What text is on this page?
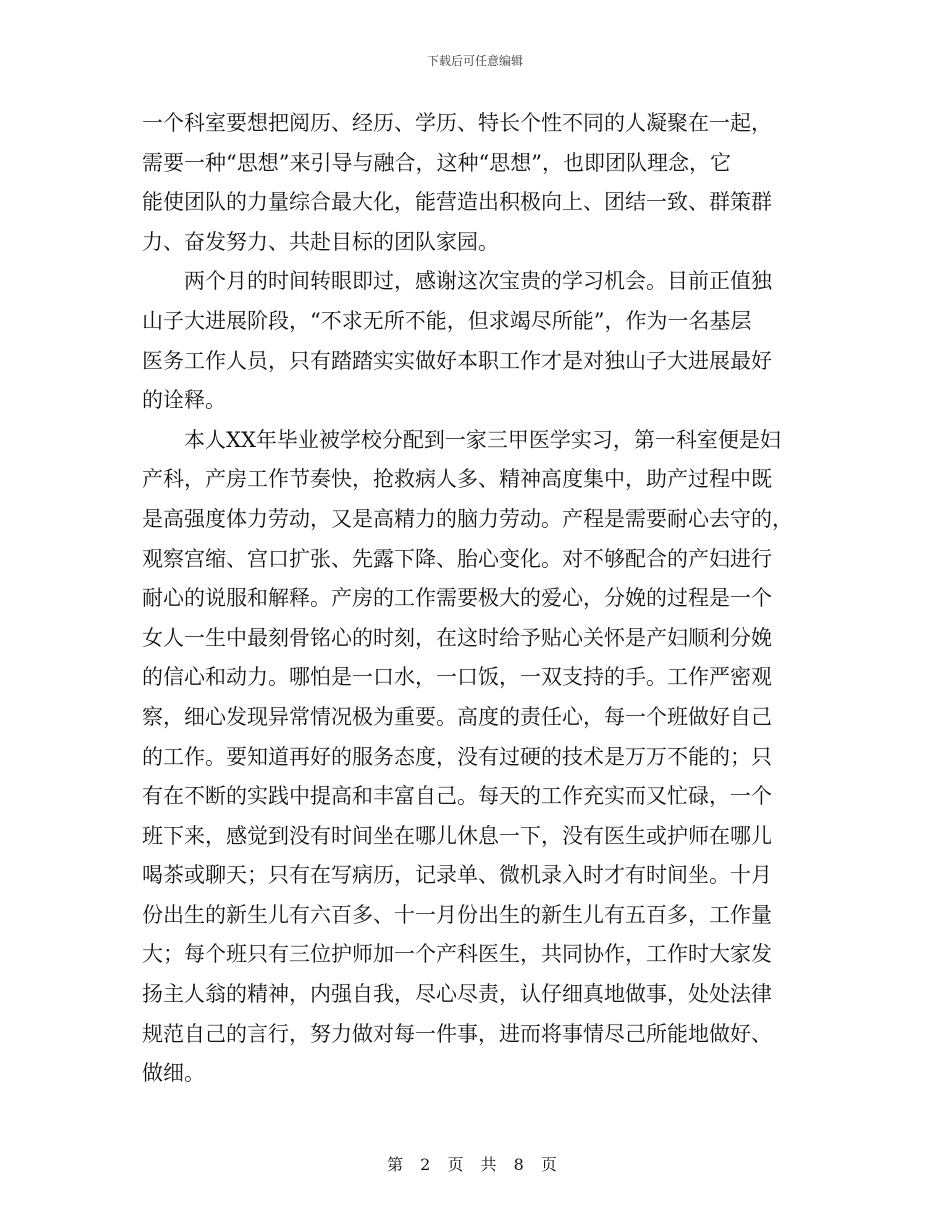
下载后可任意编辑
一个科室要想把阅历、经历、学历、特长个性不同的人凝聚在一起，
需要一种“思想”来引导与融合，这种“思想”，也即团队理念，它
能使团队的力量综合最大化，能营造出积极向上、团结一致、群策群
力、奋发努力、共赴目标的团队家园。
两个月的时间转眼即过，感谢这次宝贵的学习机会。目前正值独
山子大进展阶段，“不求无所不能，但求竭尽所能”，作为一名基层
医务工作人员，只有踏踏实实做好本职工作才是对独山子大进展最好
的诠释。
本人XX年毕业被学校分配到一家三甲医学实习，第一科室便是妇
产科，产房工作节奏快，抢救病人多、精神高度集中，助产过程中既
是高强度体力劳动，又是高精力的脑力劳动。产程是需要耐心去守的，
观察宫缩、宫口扩张、先露下降、胎心变化。对不够配合的产妇进行
耐心的说服和解释。产房的工作需要极大的爱心，分娩的过程是一个
女人一生中最刻骨铭心的时刻，在这时给予贴心关怀是产妇顺利分娩
的信心和动力。哪怕是一口水，一口饭，一双支持的手。工作严密观
察，细心发现异常情况极为重要。高度的责任心，每一个班做好自己
的工作。要知道再好的服务态度，没有过硬的技术是万万不能的；只
有在不断的实践中提高和丰富自己。每天的工作充实而又忙碌，一个
班下来，感觉到没有时间坐在哪儿休息一下，没有医生或护师在哪儿
喝茶或聊天；只有在写病历，记录单、微机录入时才有时间坐。十月
份出生的新生儿有六百多、十一月份出生的新生儿有五百多，工作量
大；每个班只有三位护师加一个产科医生，共同协作，工作时大家发
扬主人翁的精神，内强自我，尽心尽责，认仔细真地做事，处处法律
规范自己的言行，努力做对每一件事，进而将事情尽己所能地做好、
做细。
第 2 页 共 8 页
